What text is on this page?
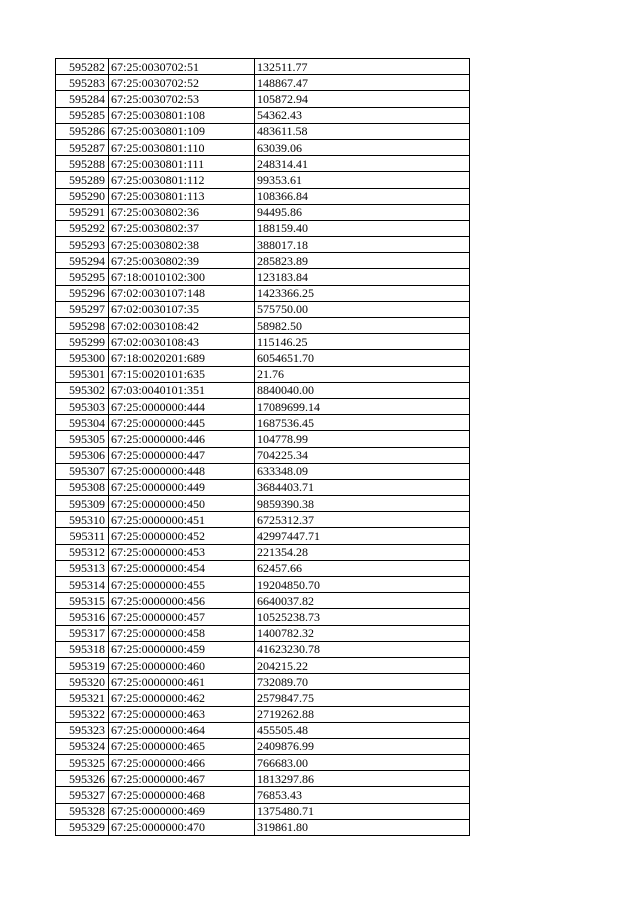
595282	67:25:0030702:51	132511.77
595283	67:25:0030702:52	148867.47
595284	67:25:0030702:53	105872.94
595285	67:25:0030801:108	54362.43
595286	67:25:0030801:109	483611.58
595287	67:25:0030801:110	63039.06
595288	67:25:0030801:111	248314.41
595289	67:25:0030801:112	99353.61
595290	67:25:0030801:113	108366.84
595291	67:25:0030802:36	94495.86
595292	67:25:0030802:37	188159.40
595293	67:25:0030802:38	388017.18
595294	67:25:0030802:39	285823.89
595295	67:18:0010102:300	123183.84
595296	67:02:0030107:148	1423366.25
595297	67:02:0030107:35	575750.00
595298	67:02:0030108:42	58982.50
595299	67:02:0030108:43	115146.25
595300	67:18:0020201:689	6054651.70
595301	67:15:0020101:635	21.76
595302	67:03:0040101:351	8840040.00
595303	67:25:0000000:444	17089699.14
595304	67:25:0000000:445	1687536.45
595305	67:25:0000000:446	104778.99
595306	67:25:0000000:447	704225.34
595307	67:25:0000000:448	633348.09
595308	67:25:0000000:449	3684403.71
595309	67:25:0000000:450	9859390.38
595310	67:25:0000000:451	6725312.37
595311	67:25:0000000:452	42997447.71
595312	67:25:0000000:453	221354.28
595313	67:25:0000000:454	62457.66
595314	67:25:0000000:455	19204850.70
595315	67:25:0000000:456	6640037.82
595316	67:25:0000000:457	10525238.73
595317	67:25:0000000:458	1400782.32
595318	67:25:0000000:459	41623230.78
595319	67:25:0000000:460	204215.22
595320	67:25:0000000:461	732089.70
595321	67:25:0000000:462	2579847.75
595322	67:25:0000000:463	2719262.88
595323	67:25:0000000:464	455505.48
595324	67:25:0000000:465	2409876.99
595325	67:25:0000000:466	766683.00
595326	67:25:0000000:467	1813297.86
595327	67:25:0000000:468	76853.43
595328	67:25:0000000:469	1375480.71
595329	67:25:0000000:470	319861.80
